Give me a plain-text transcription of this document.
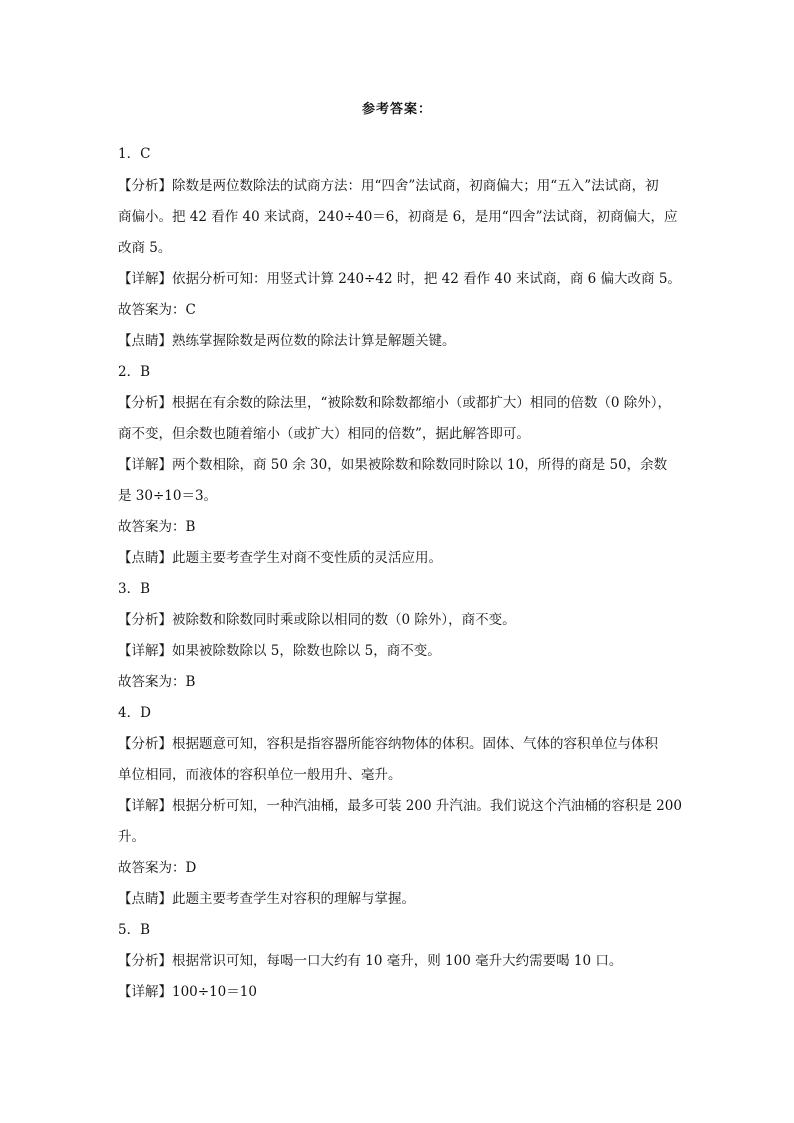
参考答案：
1．C
【分析】除数是两位数除法的试商方法：用“四舍”法试商，初商偏大；用“五入”法试商，初
商偏小。把 42 看作 40 来试商，240÷40＝6，初商是 6，是用“四舍”法试商，初商偏大，应
改商 5。
【详解】依据分析可知：用竖式计算 240÷42 时，把 42 看作 40 来试商，商 6 偏大改商 5。
故答案为：C
【点睛】熟练掌握除数是两位数的除法计算是解题关键。
2．B
【分析】根据在有余数的除法里，“被除数和除数都缩小（或都扩大）相同的倍数（0 除外），
商不变，但余数也随着缩小（或扩大）相同的倍数”，据此解答即可。
【详解】两个数相除，商 50 余 30，如果被除数和除数同时除以 10，所得的商是 50，余数
是 30÷10＝3。
故答案为：B
【点睛】此题主要考查学生对商不变性质的灵活应用。
3．B
【分析】被除数和除数同时乘或除以相同的数（0 除外），商不变。
【详解】如果被除数除以 5，除数也除以 5，商不变。
故答案为：B
4．D
【分析】根据题意可知，容积是指容器所能容纳物体的体积。固体、气体的容积单位与体积
单位相同，而液体的容积单位一般用升、毫升。
【详解】根据分析可知，一种汽油桶，最多可装 200 升汽油。我们说这个汽油桶的容积是 200
升。
故答案为：D
【点睛】此题主要考查学生对容积的理解与掌握。
5．B
【分析】根据常识可知，每喝一口大约有 10 毫升，则 100 毫升大约需要喝 10 口。
【详解】100÷10＝10
